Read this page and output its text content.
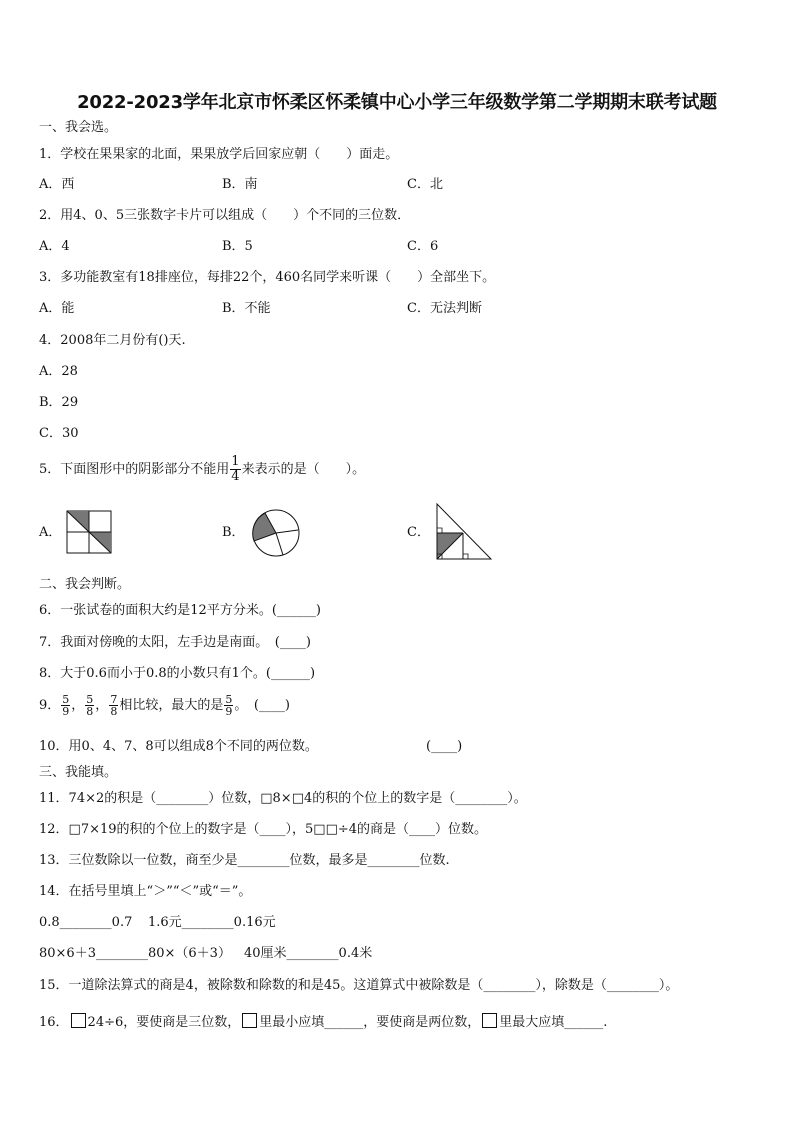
2022-2023学年北京市怀柔区怀柔镇中心小学三年级数学第二学期期末联考试题
一、我会选。
1．学校在果果家的北面，果果放学后回家应朝（　　）面走。
A．西	B．南	C．北
2．用4、0、5三张数字卡片可以组成（　　）个不同的三位数．
A．4	B．5	C．6
3．多功能教室有18排座位，每排22个，460名同学来听课（　　）全部坐下。
A．能	B．不能	C．无法判断
4．2008年二月份有()天.
A．28
B．29
C．30
5．下面图形中的阴影部分不能用 $\frac{1}{4}$ 来表示的是（　　）。
A．	B．	C．
二、我会判断。
6．一张试卷的面积大约是12平方分米。(______)
7．我面对傍晚的太阳，左手边是南面。　(____)
8．大于0.6而小于0.8的小数只有1个。(______)
9． $\frac{5}{9}$ ， $\frac{5}{8}$ ， $\frac{7}{8}$ 相比较，最大的是 $\frac{5}{9}$ 。　(____)
10．用0、4、7、8可以组成8个不同的两位数。	(____)
三、我能填。
11．74×2的积是（________）位数，□8×□4的积的个位上的数字是（________）。
12．□7×19的积的个位上的数字是（____），5□□÷4的商是（____）位数。
13．三位数除以一位数，商至少是________位数，最多是________位数.
14．在括号里填上“＞”“＜”或“＝”。
0.8________0.7 1.6元________0.16元
80×6＋3________80×（6＋3） 40厘米________0.4米
15．一道除法算式的商是4，被除数和除数的和是45。这道算式中被除数是（________），除数是（________）。
16． 24÷6，要使商是三位数， 里最小应填______，要使商是两位数， 里最大应填______.
